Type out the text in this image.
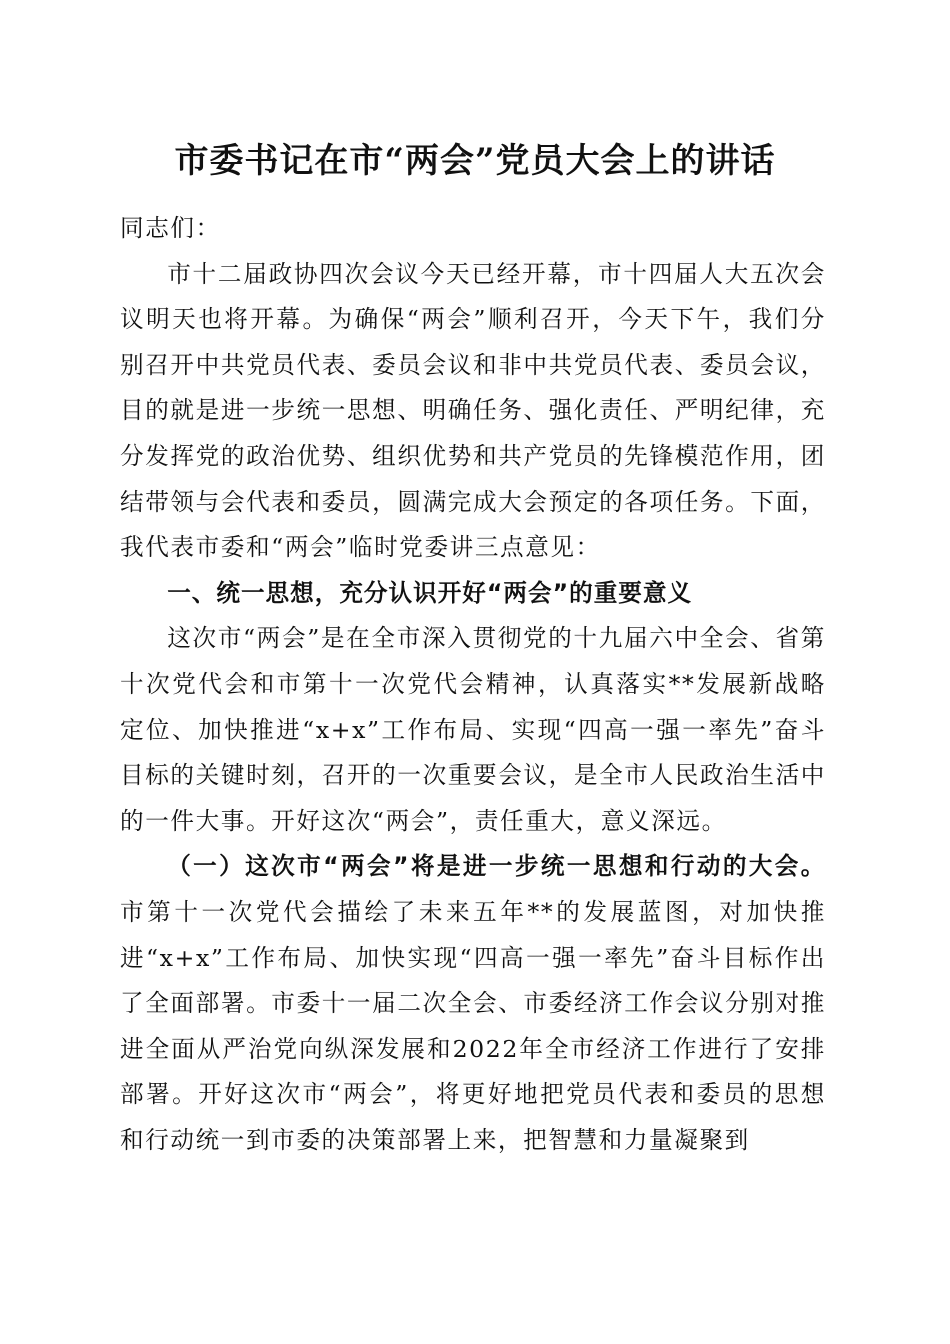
市委书记在市“两会”党员大会上的讲话

同志们：

市十二届政协四次会议今天已经开幕，市十四届人大五次会议明天也将开幕。为确保“两会”顺利召开，今天下午，我们分别召开中共党员代表、委员会议和非中共党员代表、委员会议，目的就是进一步统一思想、明确任务、强化责任、严明纪律，充分发挥党的政治优势、组织优势和共产党员的先锋模范作用，团结带领与会代表和委员，圆满完成大会预定的各项任务。下面，我代表市委和“两会”临时党委讲三点意见：

一、统一思想，充分认识开好“两会”的重要意义

这次市“两会”是在全市深入贯彻党的十九届六中全会、省第十次党代会和市第十一次党代会精神，认真落实**发展新战略定位、加快推进“x+x”工作布局、实现“四高一强一率先”奋斗目标的关键时刻，召开的一次重要会议，是全市人民政治生活中的一件大事。开好这次“两会”，责任重大，意义深远。

（一）这次市“两会”将是进一步统一思想和行动的大会。市第十一次党代会描绘了未来五年**的发展蓝图，对加快推进“x+x”工作布局、加快实现“四高一强一率先”奋斗目标作出了全面部署。市委十一届二次全会、市委经济工作会议分别对推进全面从严治党向纵深发展和2022年全市经济工作进行了安排部署。开好这次市“两会”，将更好地把党员代表和委员的思想和行动统一到市委的决策部署上来，把智慧和力量凝聚到
